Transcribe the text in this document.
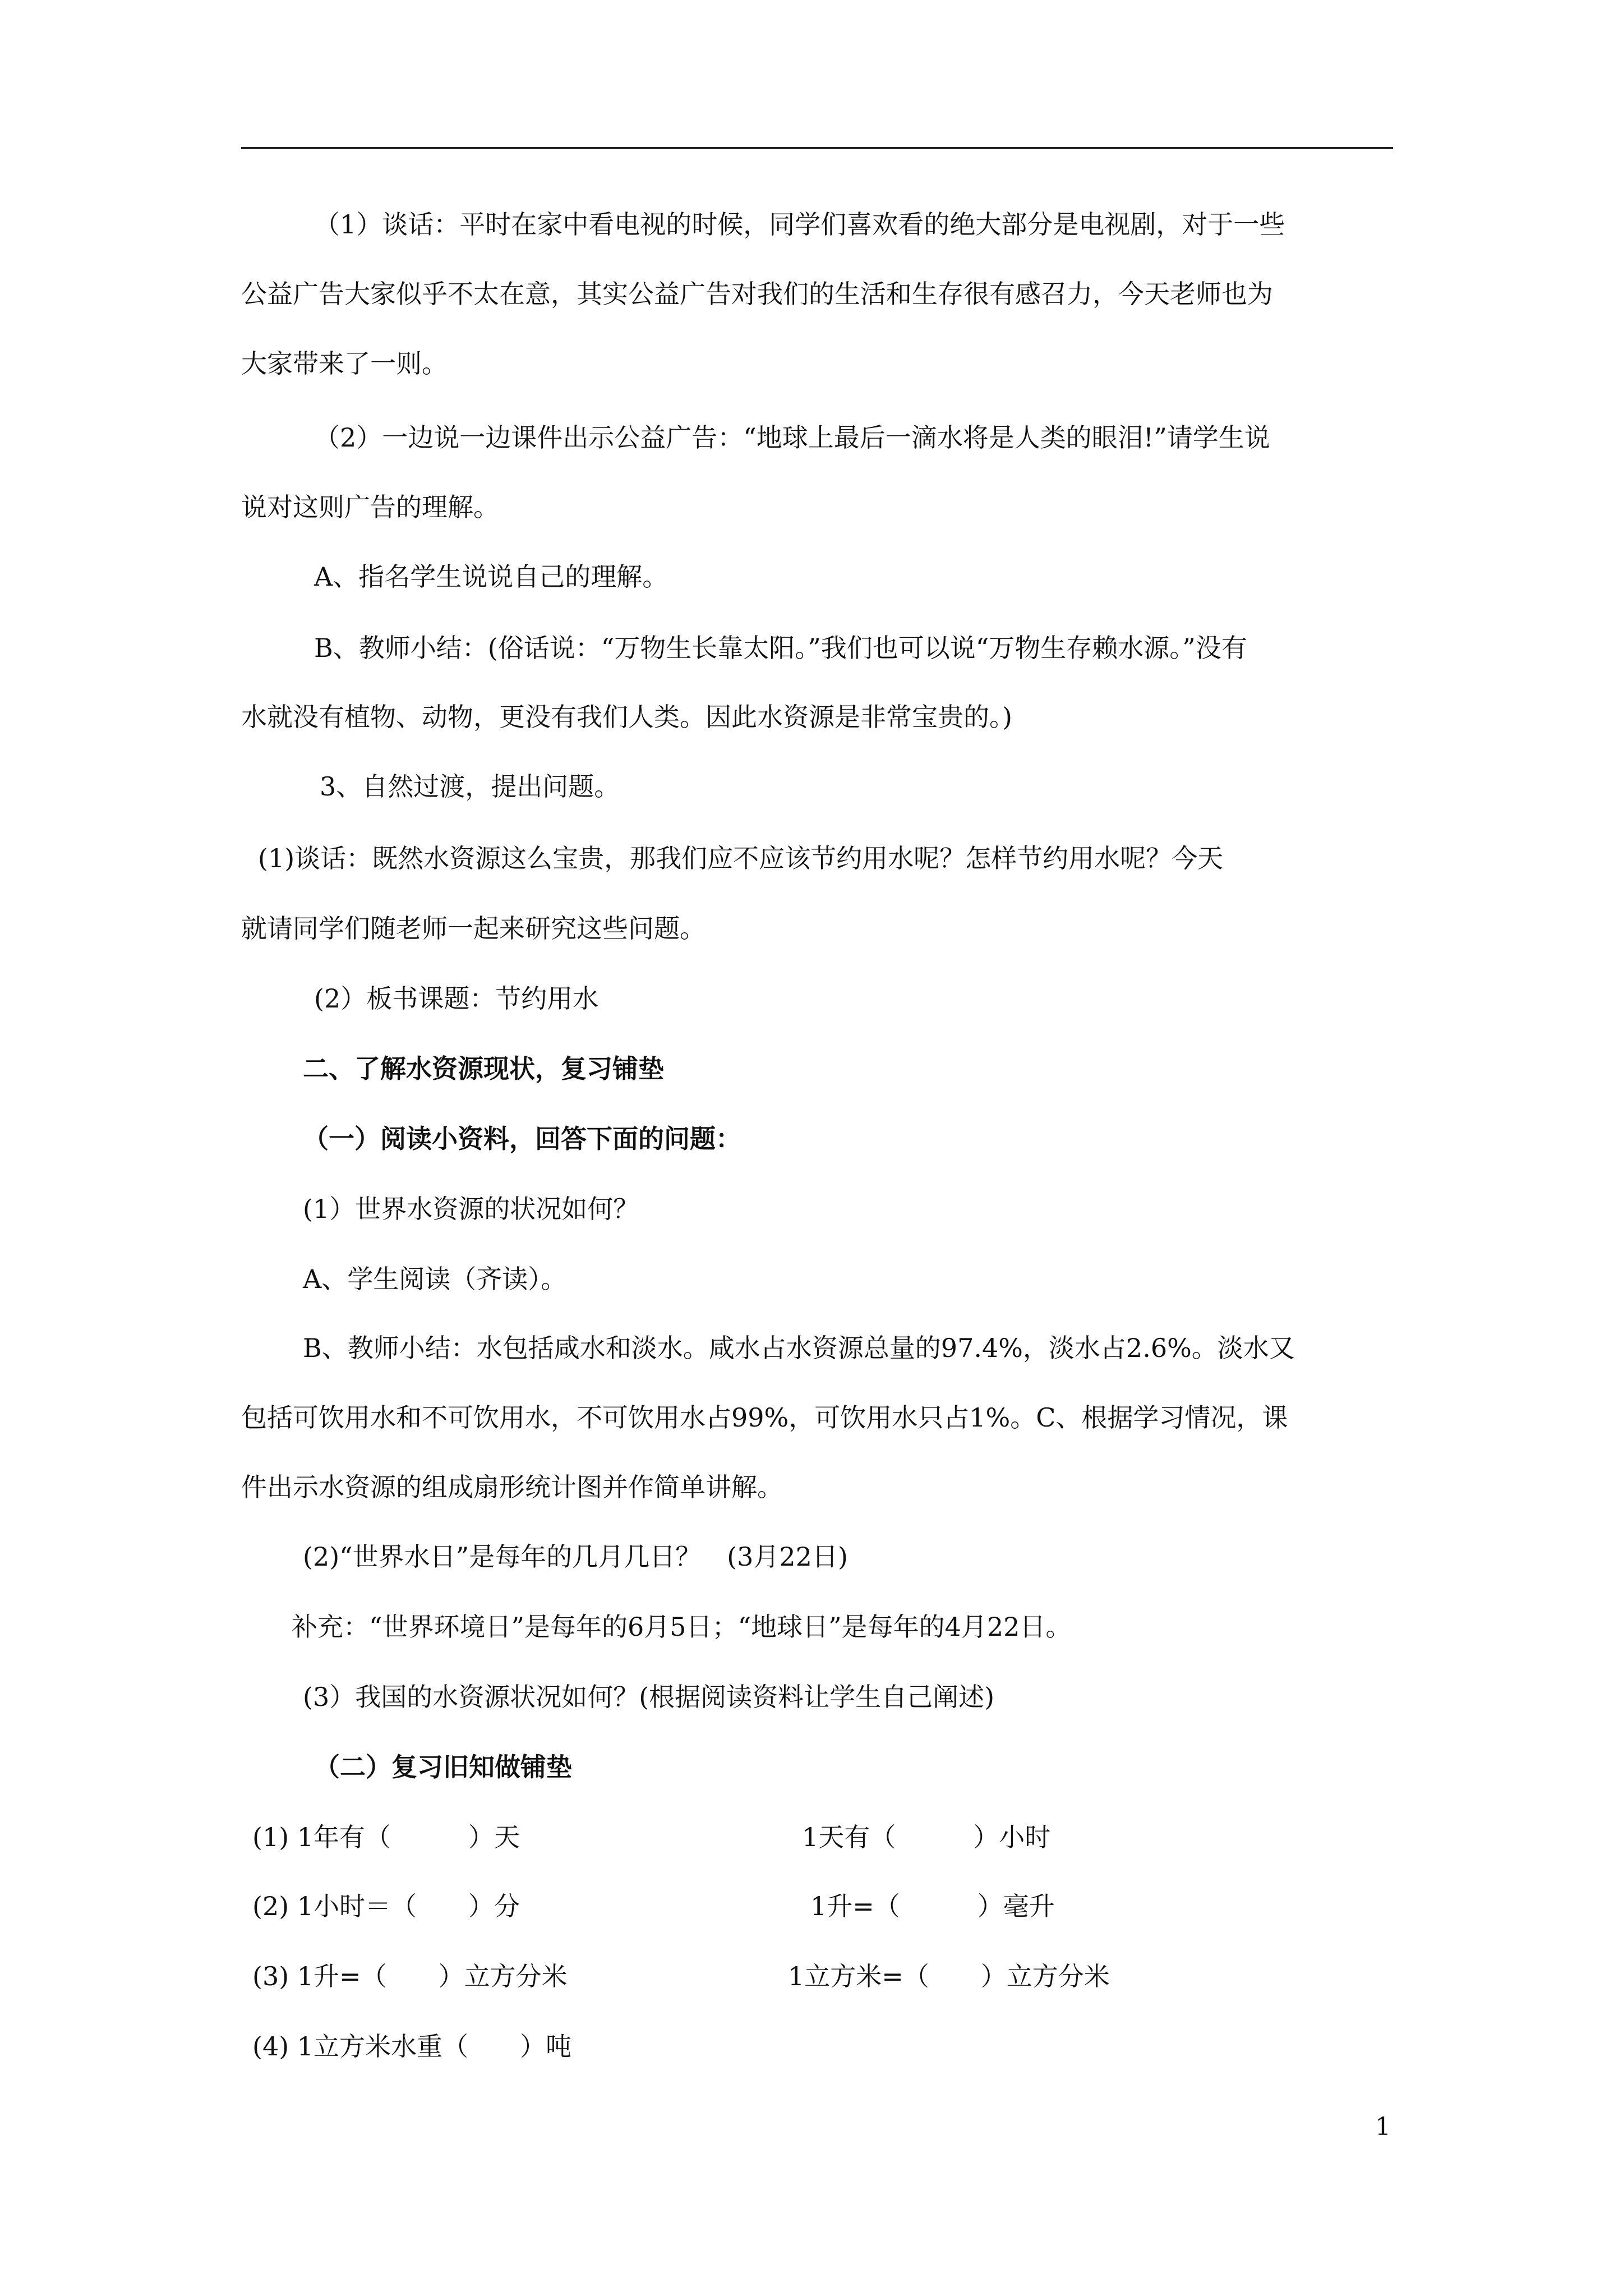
（1）谈话：平时在家中看电视的时候，同学们喜欢看的绝大部分是电视剧，对于一些
公益广告大家似乎不太在意，其实公益广告对我们的生活和生存很有感召力，今天老师也为
大家带来了一则。
（2）一边说一边课件出示公益广告：“地球上最后一滴水将是人类的眼泪!”请学生说
说对这则广告的理解。
A、指名学生说说自己的理解。
B、教师小结：(俗话说：“万物生长靠太阳。”我们也可以说“万物生存赖水源。”没有
水就没有植物、动物，更没有我们人类。因此水资源是非常宝贵的。)
3、自然过渡，提出问题。
(1)谈话：既然水资源这么宝贵，那我们应不应该节约用水呢？怎样节约用水呢？今天
就请同学们随老师一起来研究这些问题。
(2）板书课题：节约用水
二、了解水资源现状，复习铺垫
（一）阅读小资料，回答下面的问题：
(1）世界水资源的状况如何？
A、学生阅读（齐读）。
B、教师小结：水包括咸水和淡水。咸水占水资源总量的97.4%，淡水占2.6%。淡水又
包括可饮用水和不可饮用水，不可饮用水占99%，可饮用水只占1%。C、根据学习情况，课
件出示水资源的组成扇形统计图并作简单讲解。
(2)“世界水日”是每年的几月几日？　(3月22日)
补充：“世界环境日”是每年的6月5日；“地球日”是每年的4月22日。
(3）我国的水资源状况如何？(根据阅读资料让学生自己阐述)
（二）复习旧知做铺垫
(1) 1年有（　　　）天	1天有（　　　）小时
(2) 1小时＝（　　）分	1升=（　　　）毫升
(3) 1升=（　　）立方分米	1立方米=（　　）立方分米
(4) 1立方米水重（　　）吨
1
